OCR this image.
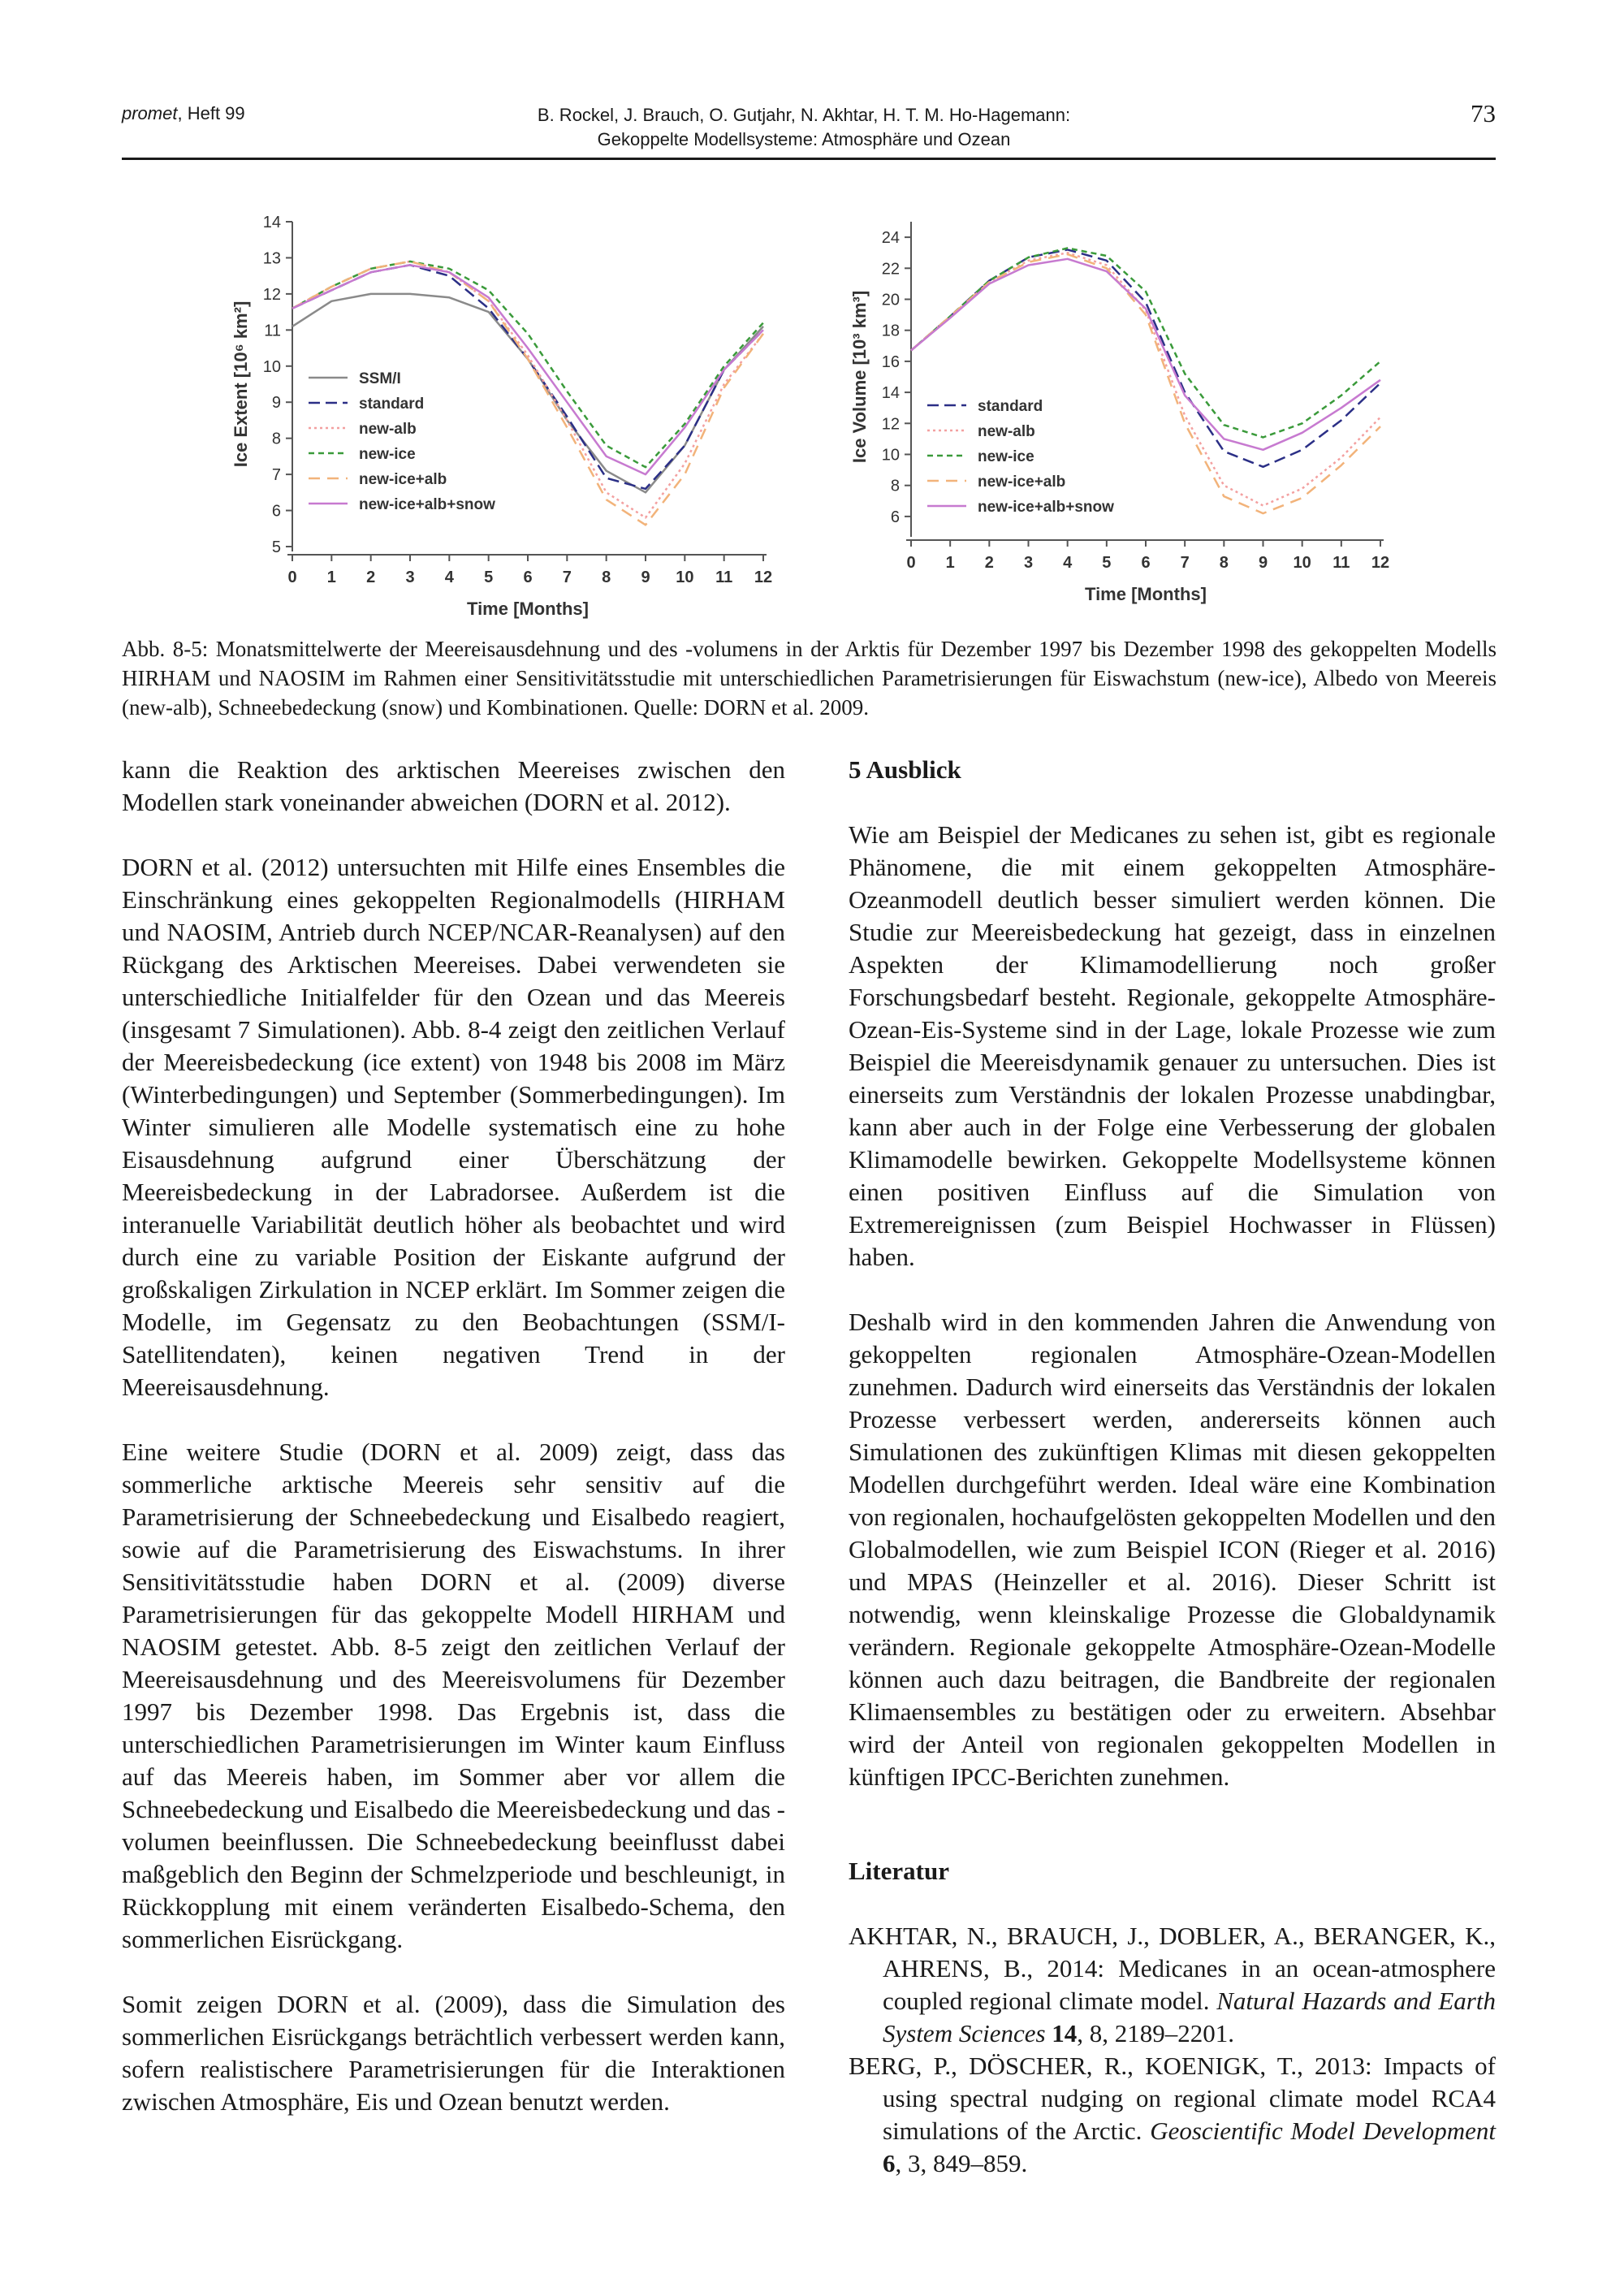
promet, Heft 99	B. Rockel, J. Brauch, O. Gutjahr, N. Akhtar, H. T. M. Ho-Hagemann:
Gekoppelte Modellsysteme: Atmosphäre und Ozean
73
5
6
7
8
9
10
11
12
13
14
0 1 2 3 4 5 6 7 8 9 10 11 12
Time [Months]
Ice Extent [10⁶ km²]	SSM/I
standard
new-alb
new-ice
new-ice+alb
new-ice+alb+snow
6
8
10
12
14
16
18
20
22
24
0 1 2 3 4 5 6 7 8 9 10 11 12
Time [Months]
Ice Volume [10³ km³]	standard
new-alb
new-ice
new-ice+alb
new-ice+alb+snow
Abb. 8-5: Monatsmittelwerte der Meereisausdehnung und des -volumens in der Arktis für Dezember 1997 bis Dezember 1998 des gekoppelten Modells HIRHAM und NAOSIM im Rahmen einer Sensitivitätsstudie mit unterschiedlichen Parametrisierungen für Eiswachstum (new-ice), Albedo von Meereis (new-alb), Schneebedeckung (snow) und Kombinationen. Quelle: DORN et al. 2009.

kann die Reaktion des arktischen Meereises zwischen den Modellen stark voneinander abweichen (DORN et al. 2012).

DORN et al. (2012) untersuchten mit Hilfe eines Ensembles die Einschränkung eines gekoppelten Regionalmodells (HIRHAM und NAOSIM, Antrieb durch NCEP/NCAR-Reanalysen) auf den Rückgang des Arktischen Meereises. Dabei verwendeten sie unterschiedliche Initialfelder für den Ozean und das Meereis (insgesamt 7 Simulationen). Abb. 8-4 zeigt den zeitlichen Verlauf der Meereisbedeckung (ice extent) von 1948 bis 2008 im März (Winterbedingungen) und September (Sommerbedingungen). Im Winter simulieren alle Modelle systematisch eine zu hohe Eisausdehnung aufgrund einer Überschätzung der Meereisbedeckung in der Labradorsee. Außerdem ist die interanuelle Variabilität deutlich höher als beobachtet und wird durch eine zu variable Position der Eiskante aufgrund der großskaligen Zirkulation in NCEP erklärt. Im Sommer zeigen die Modelle, im Gegensatz zu den Beobachtungen (SSM/I-Satellitendaten), keinen negativen Trend in der Meereisausdehnung.

Eine weitere Studie (DORN et al. 2009) zeigt, dass das sommerliche arktische Meereis sehr sensitiv auf die Parametrisierung der Schneebedeckung und Eisalbedo reagiert, sowie auf die Parametrisierung des Eiswachstums. In ihrer Sensitivitätsstudie haben DORN et al. (2009) diverse Parametrisierungen für das gekoppelte Modell HIRHAM und NAOSIM getestet. Abb. 8-5 zeigt den zeitlichen Verlauf der Meereisausdehnung und des Meereisvolumens für Dezember 1997 bis Dezember 1998. Das Ergebnis ist, dass die unterschiedlichen Parametrisierungen im Winter kaum Einfluss auf das Meereis haben, im Sommer aber vor allem die Schneebedeckung und Eisalbedo die Meereisbedeckung und das -volumen beeinflussen. Die Schneebedeckung beeinflusst dabei maßgeblich den Beginn der Schmelzperiode und beschleunigt, in Rückkopplung mit einem veränderten Eisalbedo-Schema, den sommerlichen Eisrückgang.

Somit zeigen DORN et al. (2009), dass die Simulation des sommerlichen Eisrückgangs beträchtlich verbessert werden kann, sofern realistischere Parametrisierungen für die Interaktionen zwischen Atmosphäre, Eis und Ozean benutzt werden.

5 Ausblick

Wie am Beispiel der Medicanes zu sehen ist, gibt es regionale Phänomene, die mit einem gekoppelten Atmosphäre-Ozeanmodell deutlich besser simuliert werden können. Die Studie zur Meereisbedeckung hat gezeigt, dass in einzelnen Aspekten der Klimamodellierung noch großer Forschungsbedarf besteht. Regionale, gekoppelte Atmosphäre-Ozean-Eis-Systeme sind in der Lage, lokale Prozesse wie zum Beispiel die Meereisdynamik genauer zu untersuchen. Dies ist einerseits zum Verständnis der lokalen Prozesse unabdingbar, kann aber auch in der Folge eine Verbesserung der globalen Klimamodelle bewirken. Gekoppelte Modellsysteme können einen positiven Einfluss auf die Simulation von Extremereignissen (zum Beispiel Hochwasser in Flüssen) haben.

Deshalb wird in den kommenden Jahren die Anwendung von gekoppelten regionalen Atmosphäre-Ozean-Modellen zunehmen. Dadurch wird einerseits das Verständnis der lokalen Prozesse verbessert werden, andererseits können auch Simulationen des zukünftigen Klimas mit diesen gekoppelten Modellen durchgeführt werden. Ideal wäre eine Kombination von regionalen, hochaufgelösten gekoppelten Modellen und den Globalmodellen, wie zum Beispiel ICON (Rieger et al. 2016) und MPAS (Heinzeller et al. 2016). Dieser Schritt ist notwendig, wenn kleinskalige Prozesse die Globaldynamik verändern. Regionale gekoppelte Atmosphäre-Ozean-Modelle können auch dazu beitragen, die Bandbreite der regionalen Klimaensembles zu bestätigen oder zu erweitern. Absehbar wird der Anteil von regionalen gekoppelten Modellen in künftigen IPCC-Berichten zunehmen.

Literatur
AKHTAR, N., BRAUCH, J., DOBLER, A., BERANGER, K., AHRENS, B., 2014: Medicanes in an ocean-atmosphere coupled regional climate model. Natural Hazards and Earth System Sciences 14, 8, 2189–2201.
BERG, P., DÖSCHER, R., KOENIGK, T., 2013: Impacts of using spectral nudging on regional climate model RCA4 simulations of the Arctic. Geoscientific Model Development 6, 3, 849–859.
